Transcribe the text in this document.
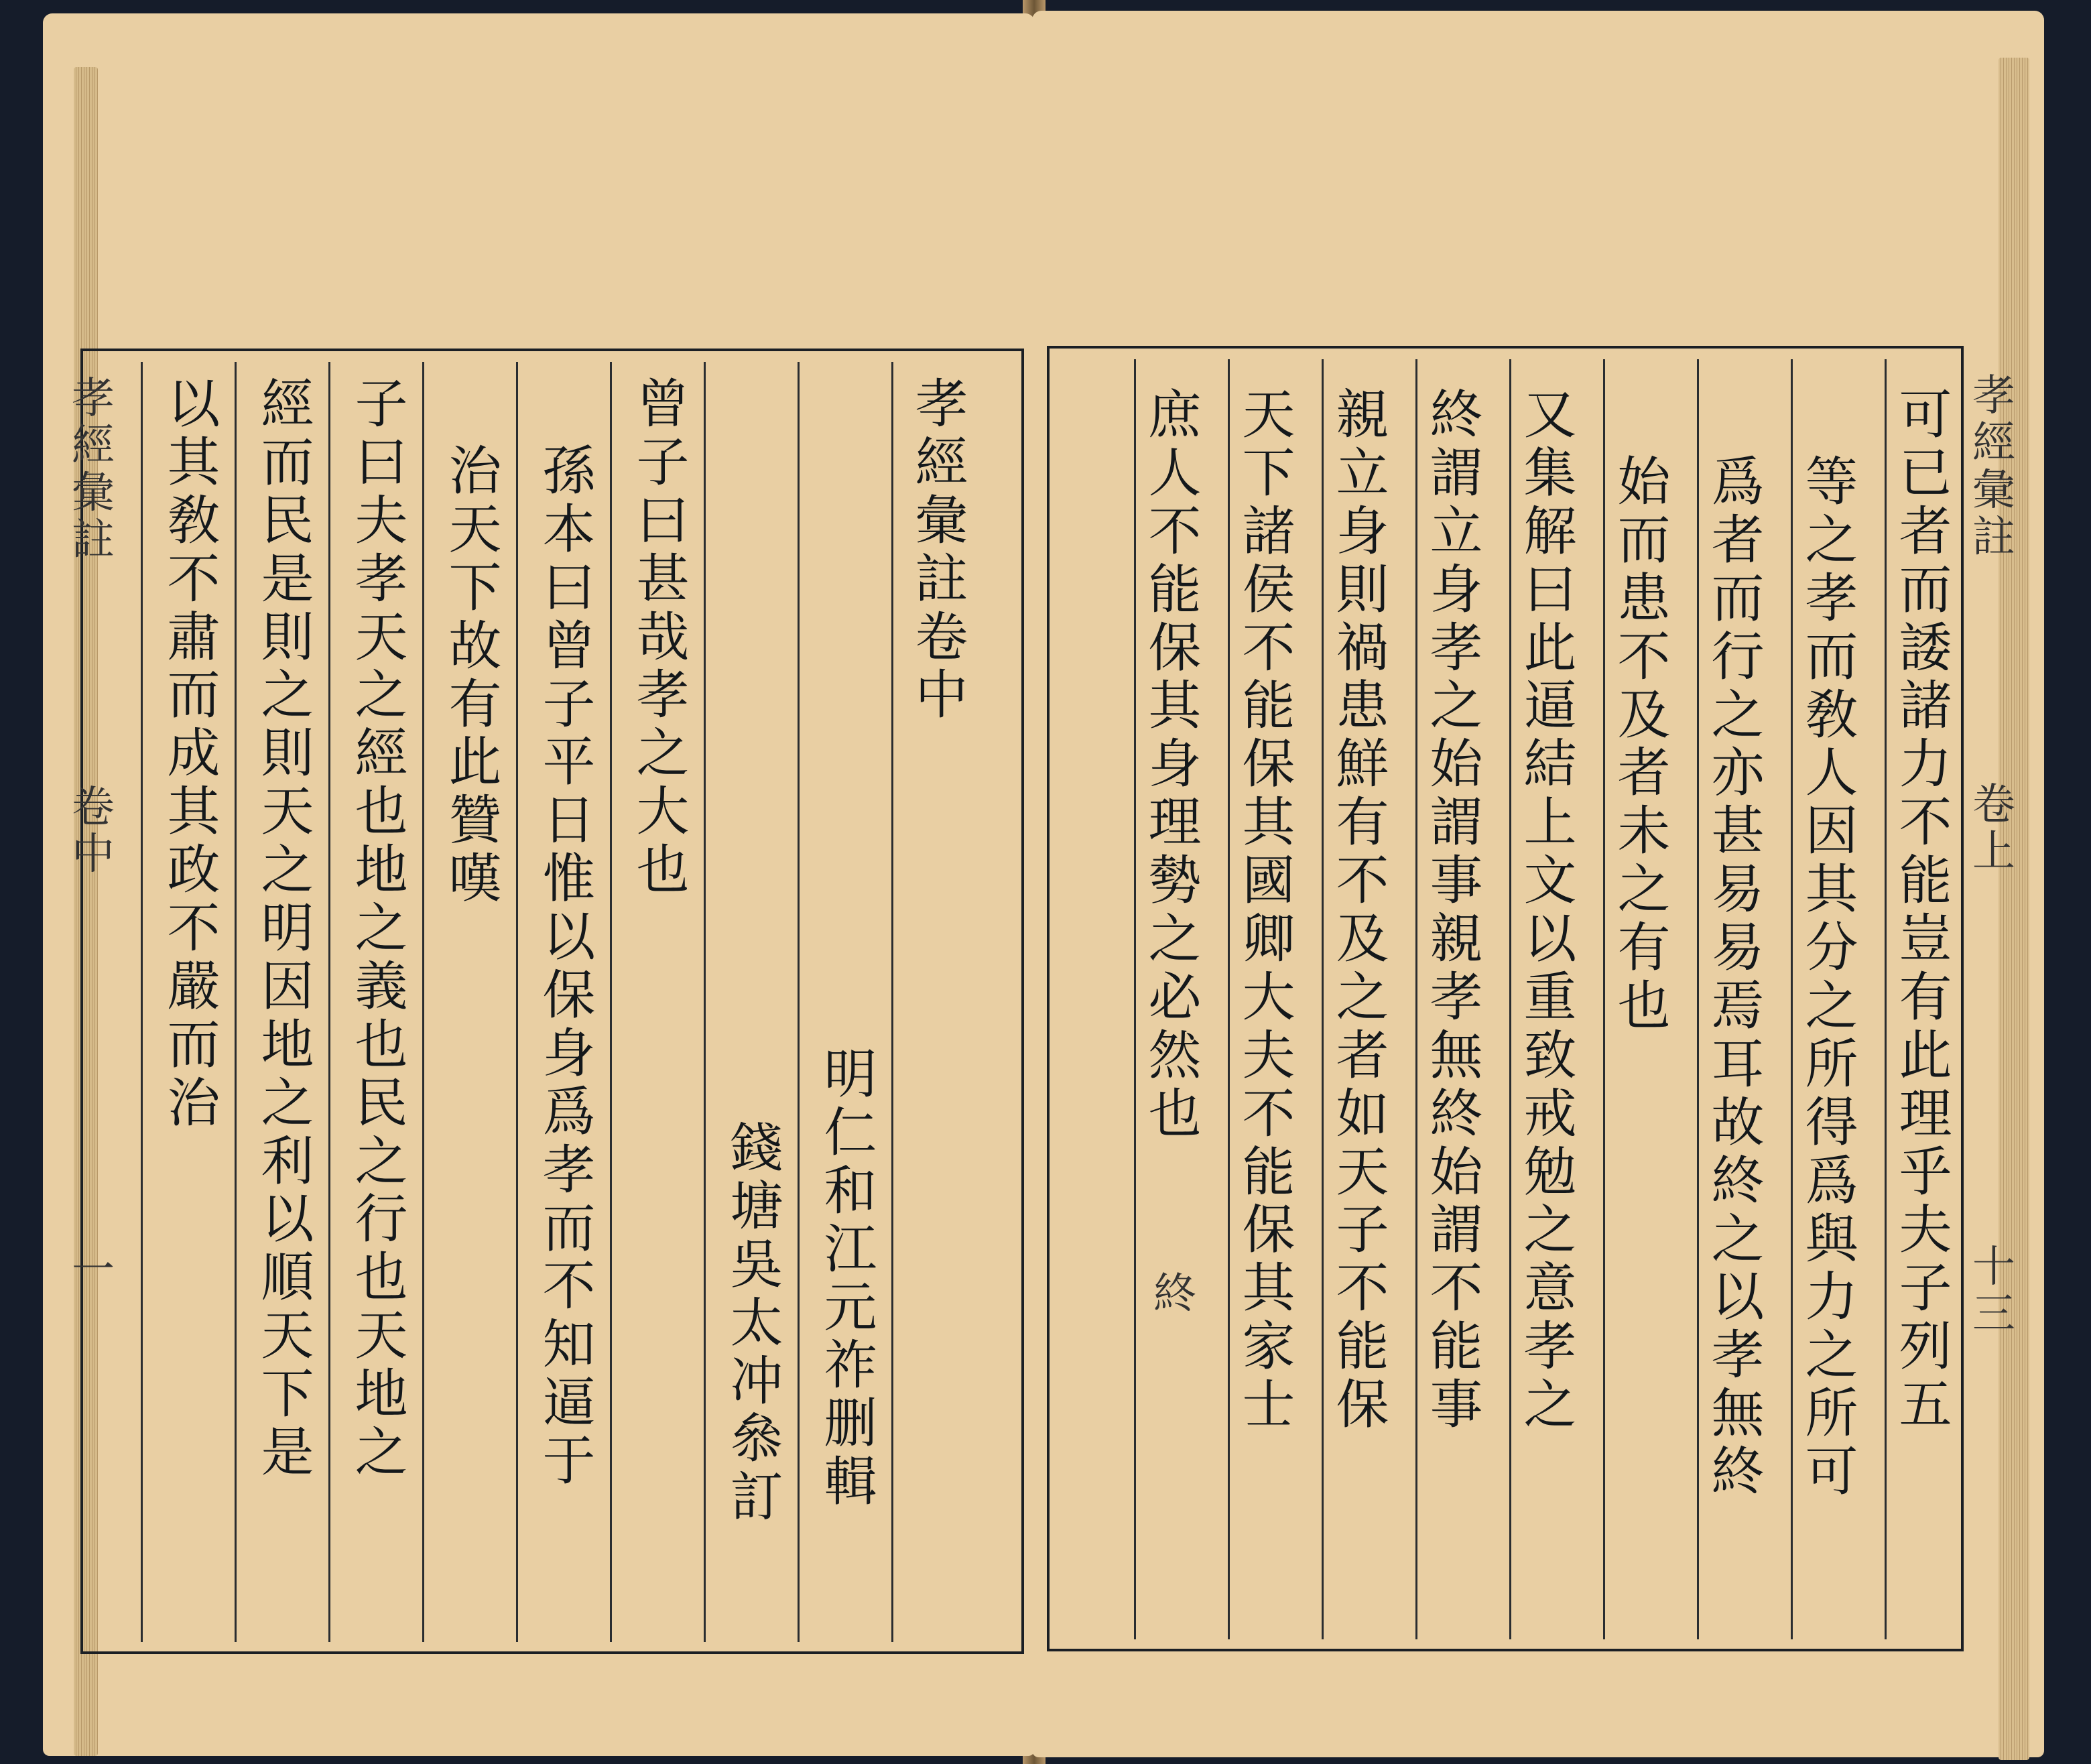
孝
經
彙
註
卷
中
明
仁
和
江
元
祚
删
輯
錢
塘
吳
太
冲
叅
訂
曾
子
曰
甚
哉
孝
之
大
也
孫
本
曰
曾
子
平
日
惟
以
保
身
爲
孝
而
不
知
逼
于
治
天
下
故
有
此
贊
嘆
子
曰
夫
孝
天
之
經
也
地
之
義
也
民
之
行
也
天
地
之
經
而
民
是
則
之
則
天
之
明
因
地
之
利
以
順
天
下
是
以
其
敎
不
肅
而
成
其
政
不
嚴
而
治
孝
經
彙
註
卷
中
一
可
已
者
而
諉
諸
力
不
能
豈
有
此
理
乎
夫
子
列
五
等
之
孝
而
敎
人
因
其
分
之
所
得
爲
與
力
之
所
可
爲
者
而
行
之
亦
甚
易
易
焉
耳
故
終
之
以
孝
無
終
始
而
患
不
及
者
未
之
有
也
又
集
解
曰
此
逼
結
上
文
以
重
致
戒
勉
之
意
孝
之
終
謂
立
身
孝
之
始
謂
事
親
孝
無
終
始
謂
不
能
事
親
立
身
則
禍
患
鮮
有
不
及
之
者
如
天
子
不
能
保
天
下
諸
侯
不
能
保
其
國
卿
大
夫
不
能
保
其
家
士
庶
人
不
能
保
其
身
理
勢
之
必
然
也
終
孝
經
彙
註
卷
上
十
三
